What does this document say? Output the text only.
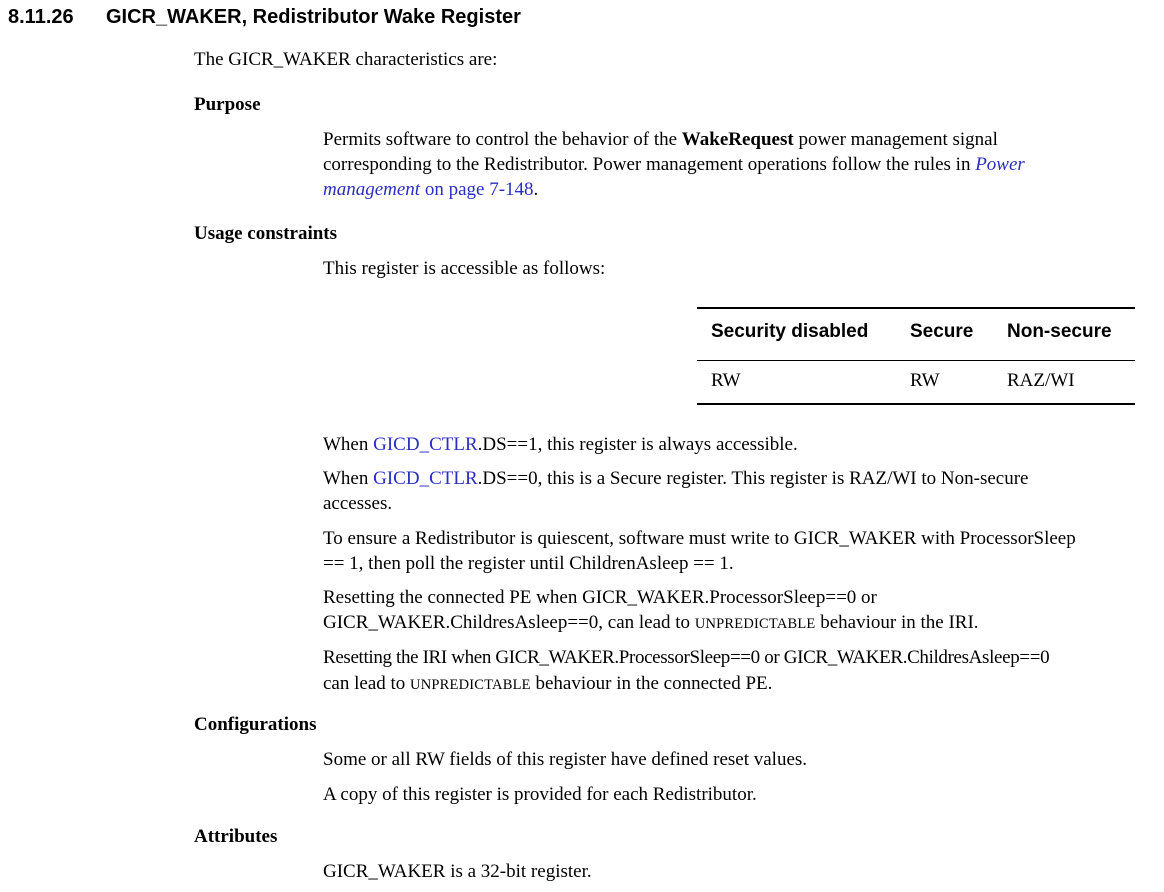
8.11.26 GICR_WAKER, Redistributor Wake Register
The GICR_WAKER characteristics are:
Purpose
Permits software to control the behavior of the WakeRequest power management signal
corresponding to the Redistributor. Power management operations follow the rules in Power
management on page 7-148.
Usage constraints
This register is accessible as follows:
Security disabled Secure Non-secure
RW	RW	RAZ/WI
When GICD_CTLR.DS==1, this register is always accessible.
When GICD_CTLR.DS==0, this is a Secure register. This register is RAZ/WI to Non-secure
accesses.
To ensure a Redistributor is quiescent, software must write to GICR_WAKER with ProcessorSleep
== 1, then poll the register until ChildrenAsleep == 1.
Resetting the connected PE when GICR_WAKER.ProcessorSleep==0 or
GICR_WAKER.ChildresAsleep==0, can lead to UNPREDICTABLE behaviour in the IRI.
Resetting the IRI when GICR_WAKER.ProcessorSleep==0 or GICR_WAKER.ChildresAsleep==0
can lead to UNPREDICTABLE behaviour in the connected PE.
Configurations
Some or all RW fields of this register have defined reset values.
A copy of this register is provided for each Redistributor.
Attributes
GICR_WAKER is a 32-bit register.
